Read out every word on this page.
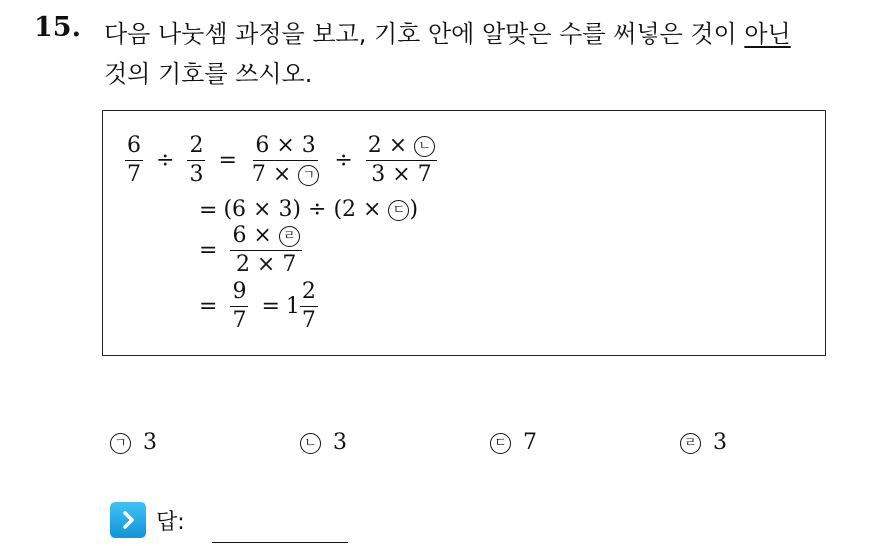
15. 다음 나눗셈 과정을 보고, 기호 안에 알맞은 수를 써넣은 것이 아닌
것의 기호를 쓰시오.
$\frac{6}{7} \div \frac{2}{3} = \frac{6 \times 3}{\text{7 × ㄱ}} \div \frac{\text{2 × ㄴ}}{3 \times 7}$
= (6 × 3) ÷ (2 × ㄷ )
= $\frac{\text{6 × ㄹ}}{2 \times 7}$
= $\frac{9}{7} = 1 \frac{2}{7}$
ㄱ 3	ㄴ 3	ㄷ 7	ㄹ 3
답:
